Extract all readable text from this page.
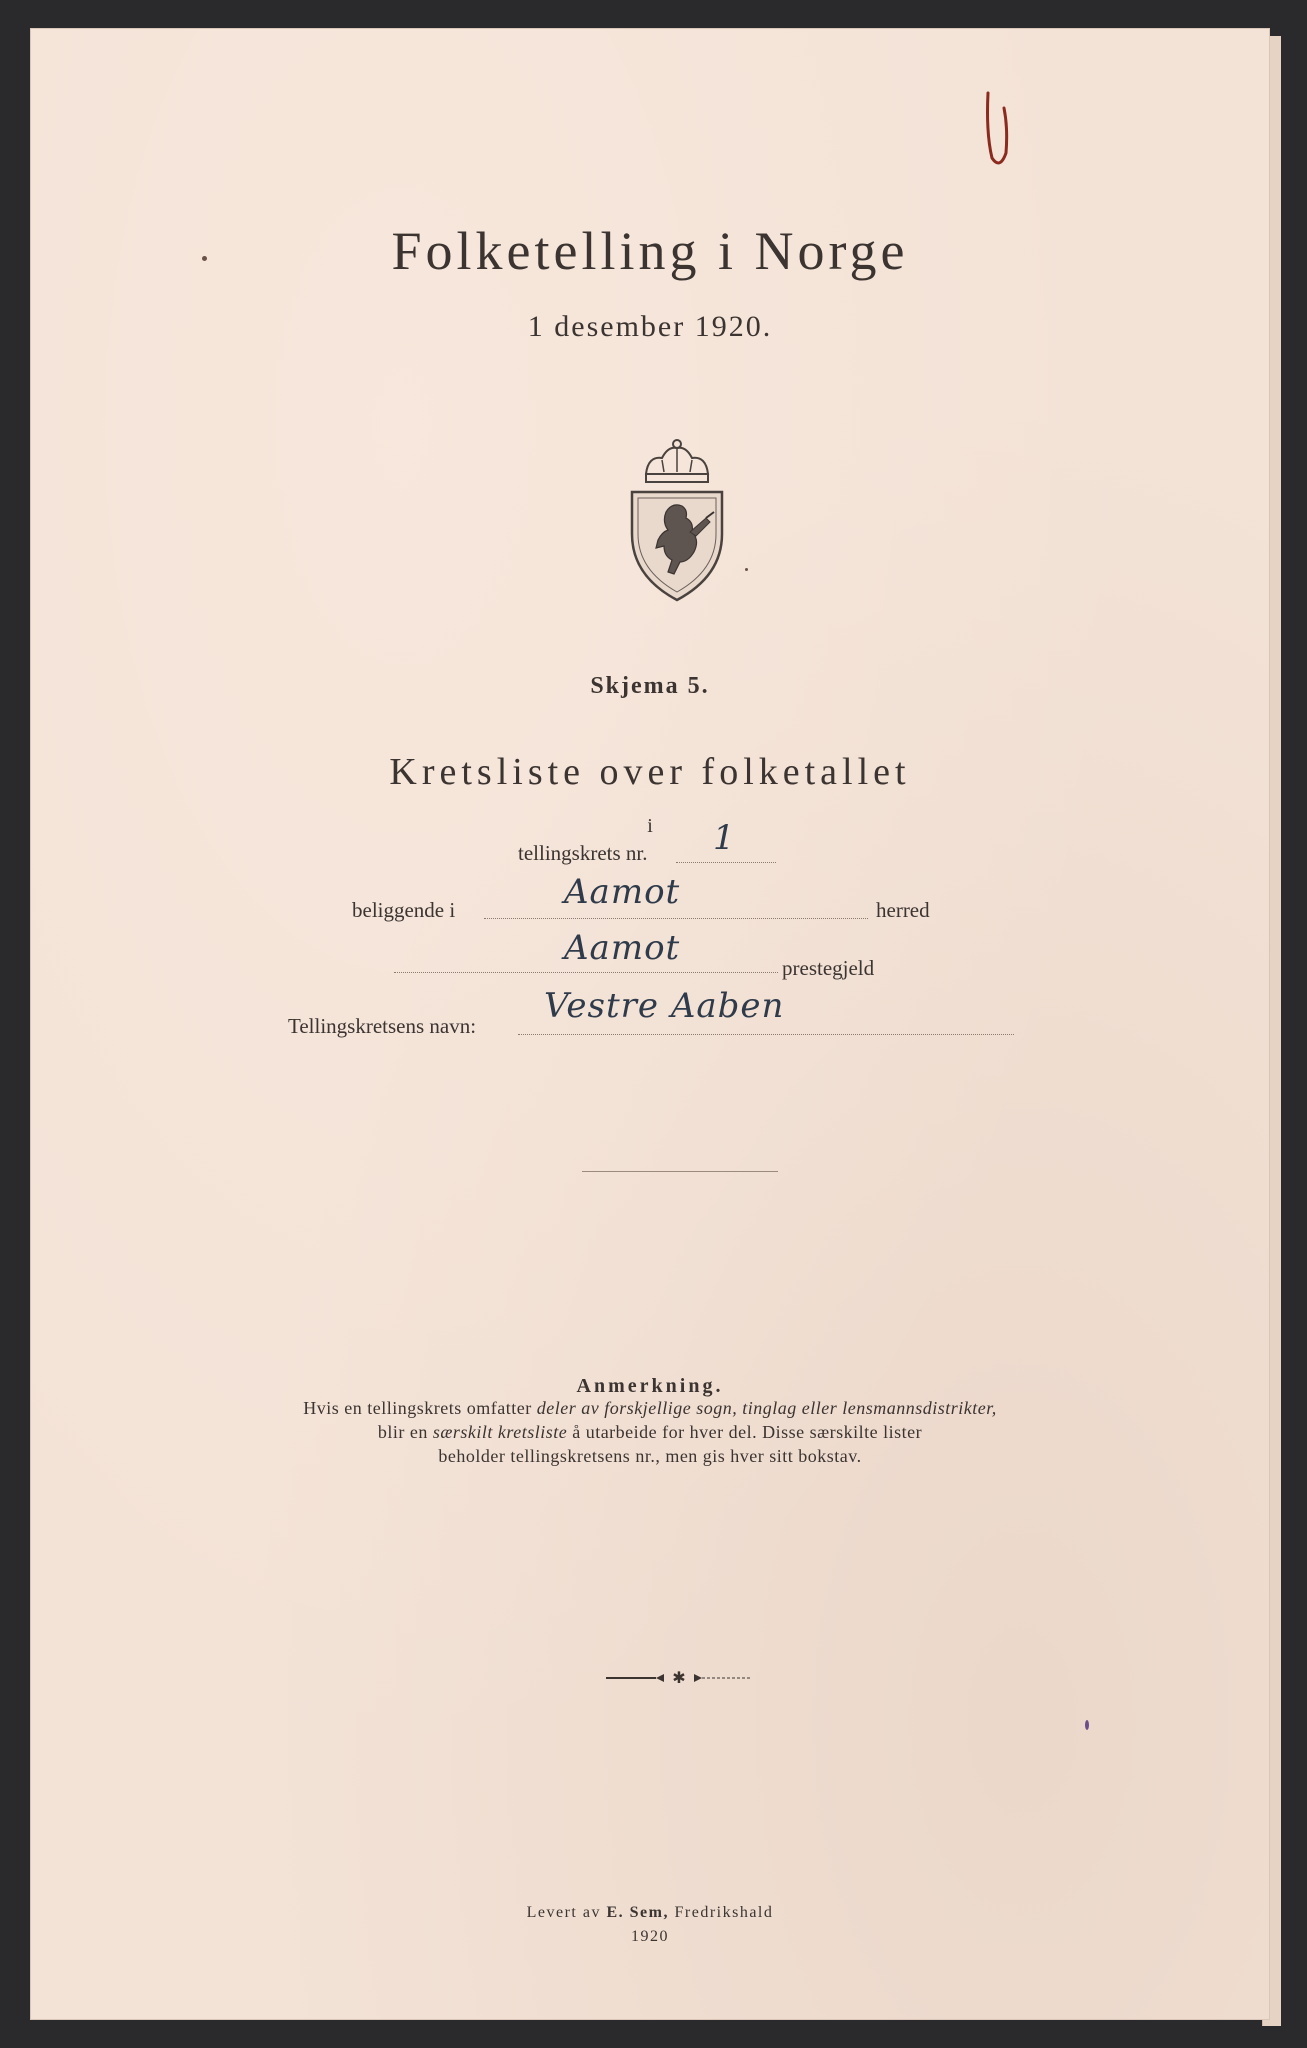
Folketelling i Norge
1 desember 1920.
Skjema 5.
Kretsliste over folketallet
i
tellingskrets nr. 1
beliggende i	Aamot	herred
Aamot	prestegjeld
Tellingskretsens navn: Vestre Aaben
Anmerkning.
Hvis en tellingskrets omfatter deler av forskjellige sogn, tinglag eller lensmannsdistrikter,
blir en særskilt kretsliste å utarbeide for hver del. Disse særskilte lister
beholder tellingskretsens nr., men gis hver sitt bokstav.
✱
Levert av E. Sem, Fredrikshald
1920
